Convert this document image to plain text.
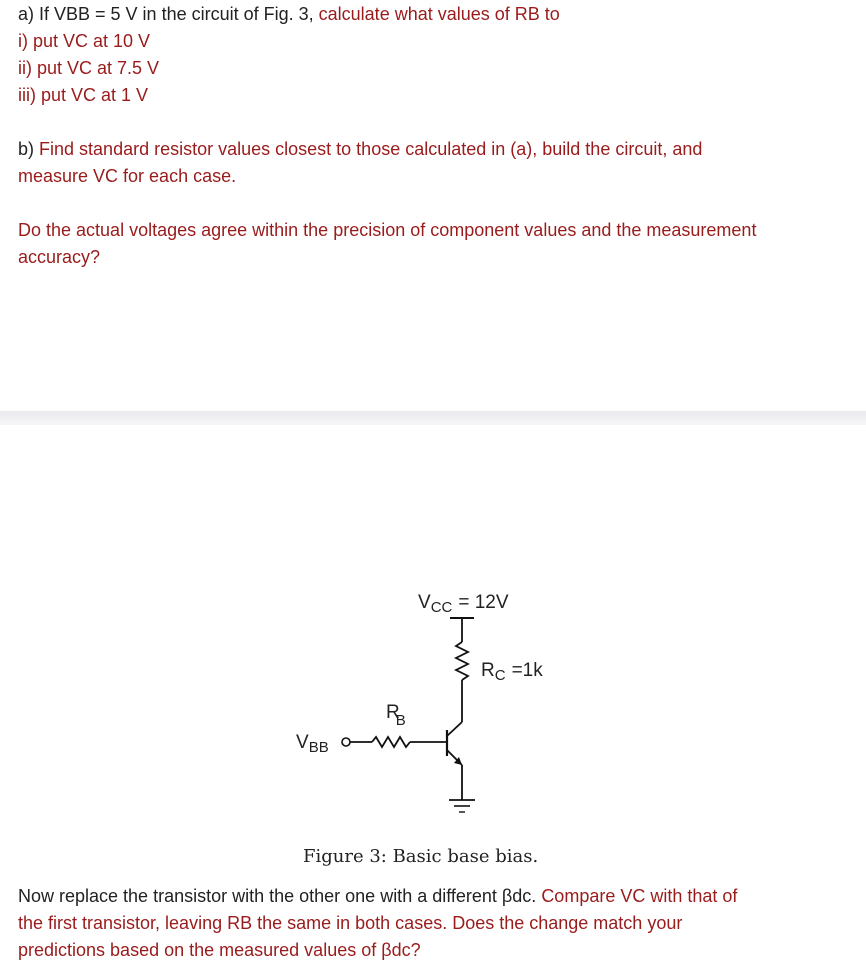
a) If VBB = 5 V in the circuit of Fig. 3, calculate what values of RB to
i) put VC at 10 V
ii) put VC at 7.5 V
iii) put VC at 1 V
b) Find standard resistor values closest to those calculated in (a), build the circuit, and
measure VC for each case.
Do the actual voltages agree within the precision of component values and the measurement
accuracy?
$V_{CC} = 12V$
$R_C =1k$
RB
$V_{BB}$
Figure 3: Basic base bias.
Now replace the transistor with the other one with a different βdc. Compare VC with that of
the first transistor, leaving RB the same in both cases. Does the change match your
predictions based on the measured values of βdc?
